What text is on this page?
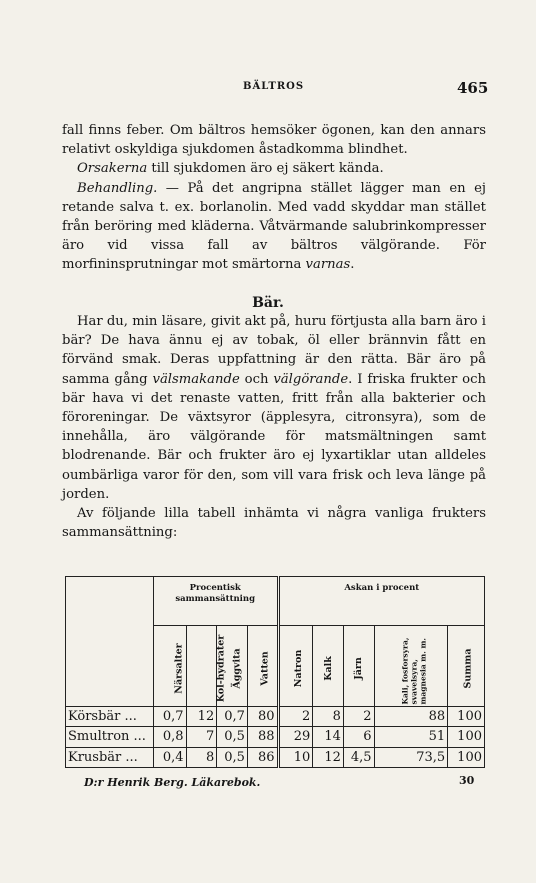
BÄLTROS	465

fall finns feber. Om bältros hemsöker ögonen, kan den annars relativt oskyldiga sjukdomen åstadkomma blindhet.

Orsakerna till sjukdomen äro ej säkert kända.

Behandling. — På det angripna stället lägger man en ej retande salva t. ex. borlanolin. Med vadd skyddar man stället från beröring med kläderna. Våtvärmande salubrinkompresser äro vid vissa fall av bältros välgörande. För morfininsprutningar mot smärtorna varnas.

Bär.

Har du, min läsare, givit akt på, huru förtjusta alla barn äro i bär? De hava ännu ej av tobak, öl eller brännvin fått en förvänd smak. Deras uppfattning är den rätta. Bär äro på samma gång välsmakande och välgörande. I friska frukter och bär hava vi det renaste vatten, fritt från alla bakterier och föroreningar. De växtsyror (äpplesyra, citronsyra), som de innehålla, äro välgörande för matsmältningen samt blodrenande. Bär och frukter äro ej lyxartiklar utan alldeles oumbärliga varor för den, som vill vara frisk och leva länge på jorden.

Av följande lilla tabell inhämta vi några vanliga frukters sammansättning:

	Procentisk sammansättning				Askan i procent				
	Närsalter	Kol-hydrater	Äggvita	Vatten	Natron	Kalk	Järn	Kali, fosforsyra, svavelsyra, magnesia m. m.	Summa
Körsbär ...	0,7	12	0,7	80	2	8	2	88	100
Smultron ...	0,8	7	0,5	88	29	14	6	51	100
Krusbär ...	0,4	8	0,5	86	10	12	4,5	73,5	100
D:r Henrik Berg. Läkarebok.	30
